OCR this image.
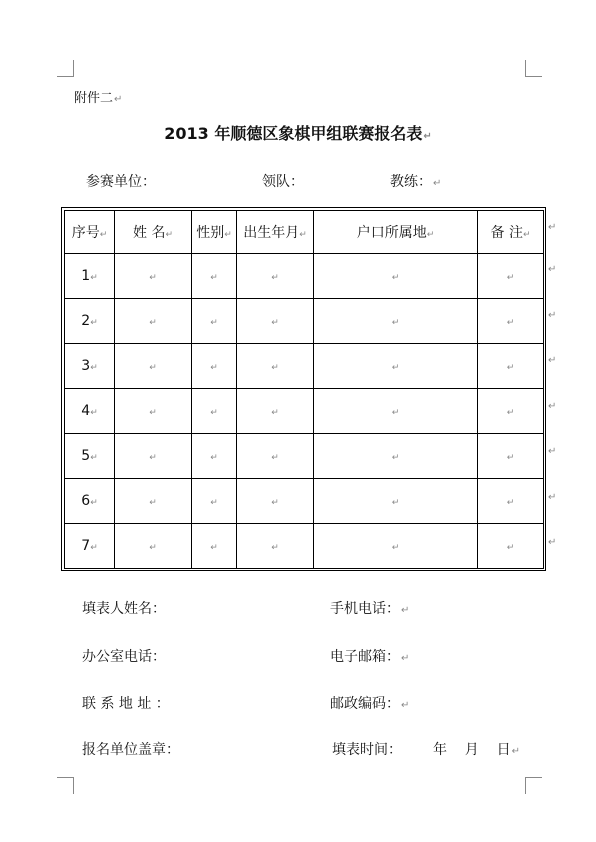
附件二↵
2013 年顺德区象棋甲组联赛报名表↵
参赛单位：	领队：	教练：↵
序号↵	姓 名↵	性别↵	出生年月↵	户口所属地↵	备 注↵
1↵	↵	↵	↵	↵	↵
2↵	↵	↵	↵	↵	↵
3↵	↵	↵	↵	↵	↵
4↵	↵	↵	↵	↵	↵
5↵	↵	↵	↵	↵	↵
6↵	↵	↵	↵	↵	↵
7↵	↵	↵	↵	↵	↵
↵
↵
↵
↵
↵
↵
↵
↵
填表人姓名：	手机电话：↵
办公室电话：	电子邮箱：↵
联 系 地 址 ：	邮政编码：↵
报名单位盖章：	填表时间： 年    月    日↵
